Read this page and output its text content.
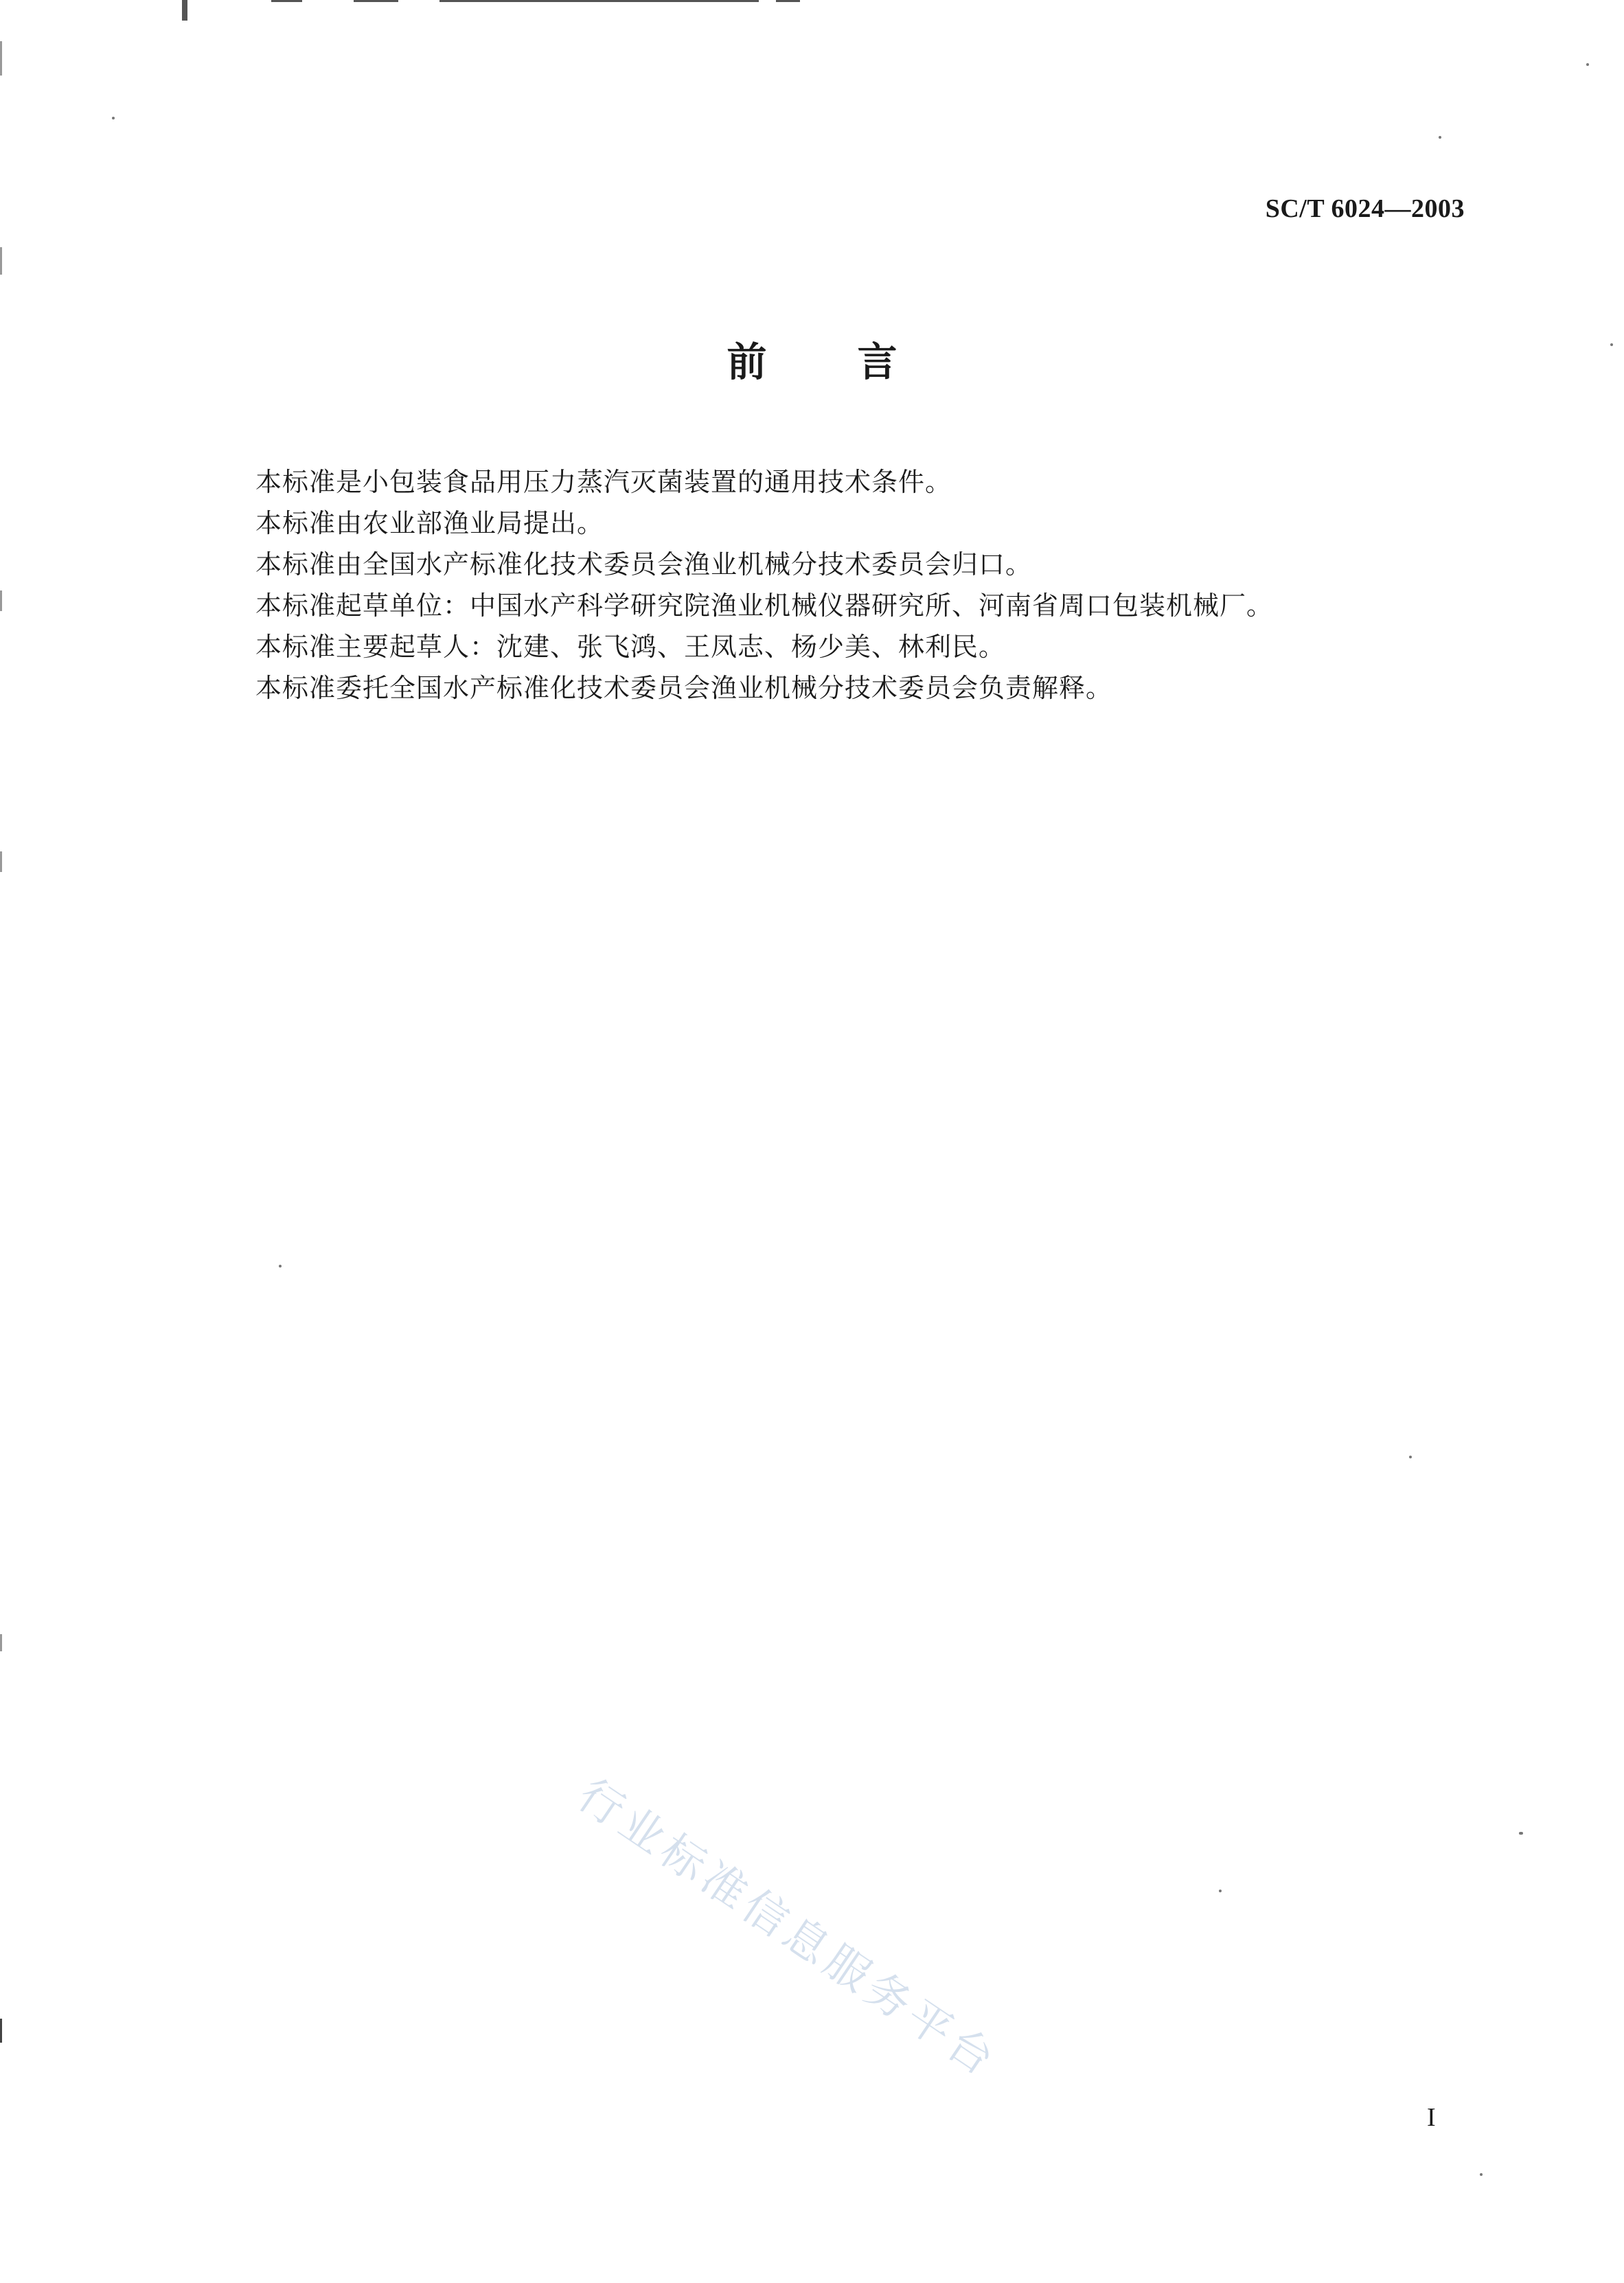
SC/T 6024—2003
前言
本标准是小包装食品用压力蒸汽灭菌装置的通用技术条件。
本标准由农业部渔业局提出。
本标准由全国水产标准化技术委员会渔业机械分技术委员会归口。
本标准起草单位：中国水产科学研究院渔业机械仪器研究所、河南省周口包装机械厂。
本标准主要起草人：沈建、张飞鸿、王凤志、杨少美、林利民。
本标准委托全国水产标准化技术委员会渔业机械分技术委员会负责解释。
行业标准信息服务平台
I
